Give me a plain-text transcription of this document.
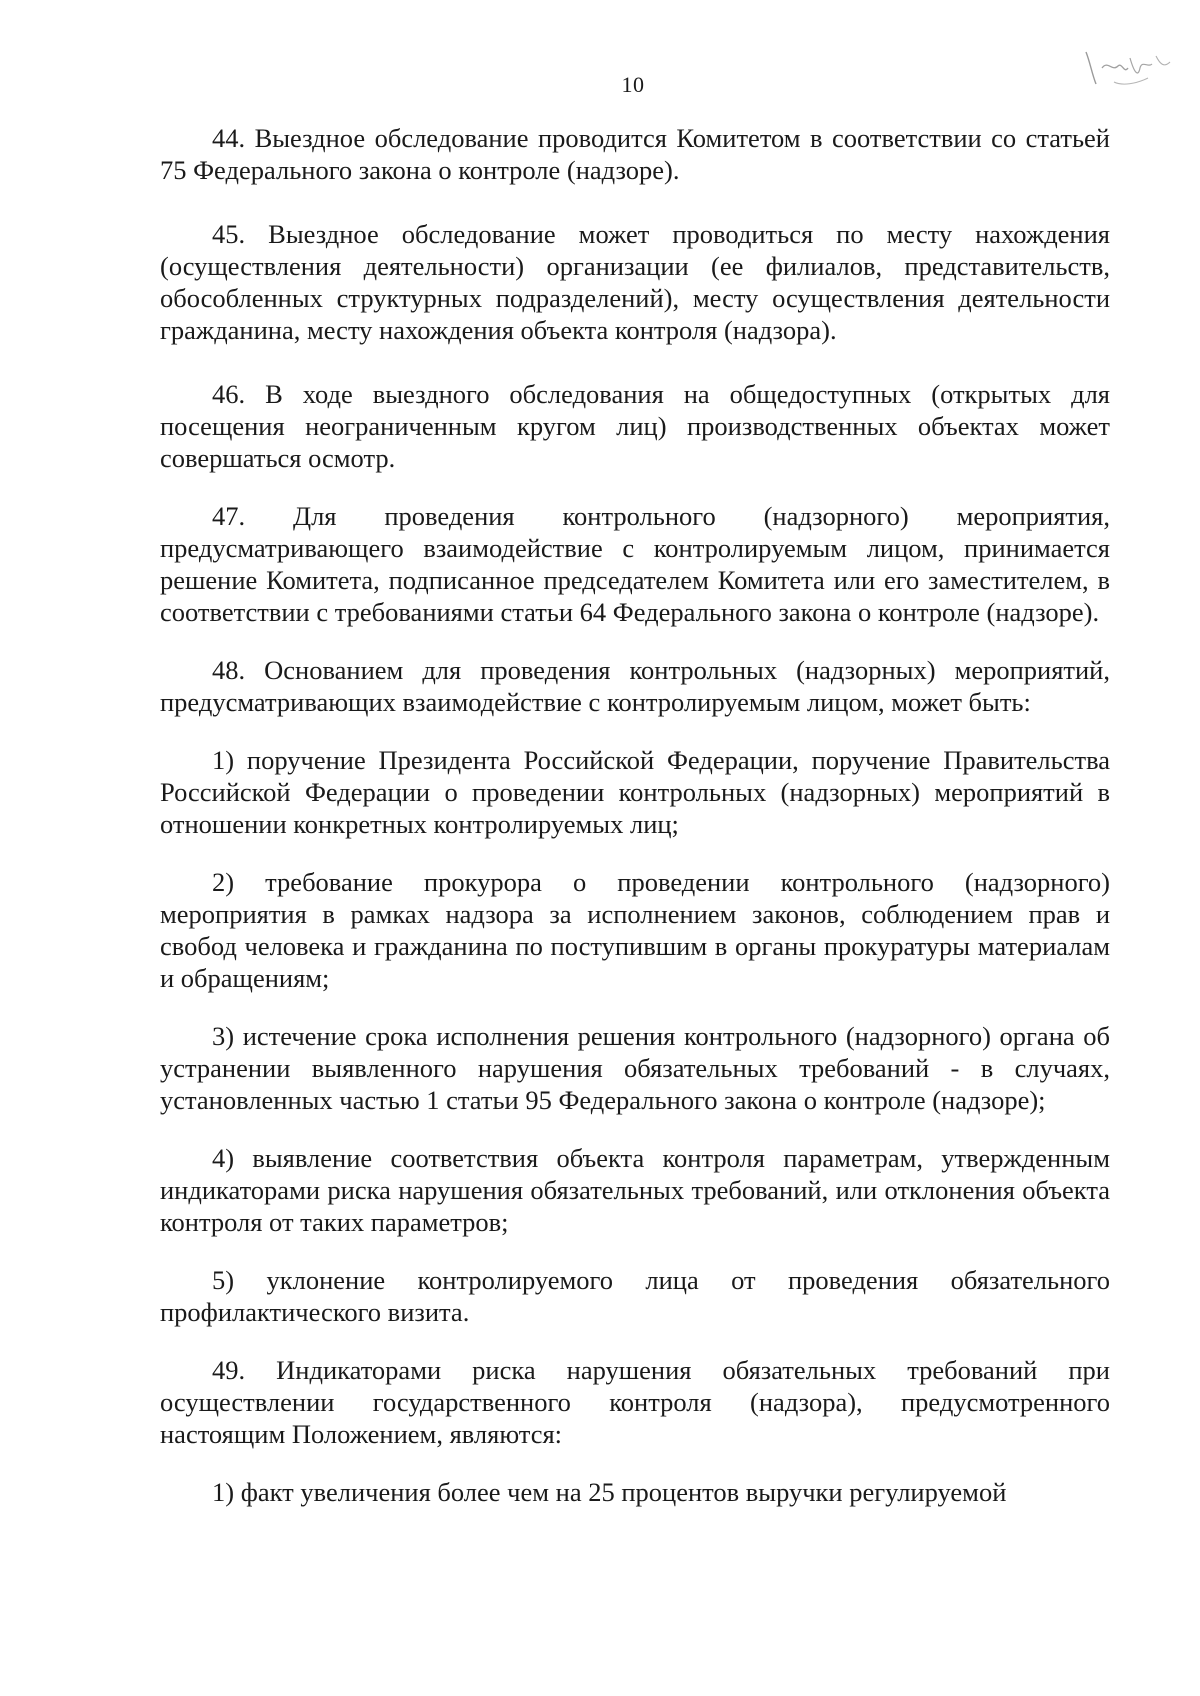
10

44. Выездное обследование проводится Комитетом в соответствии со статьей 75 Федерального закона о контроле (надзоре).

45. Выездное обследование может проводиться по месту нахождения (осуществления деятельности) организации (ее филиалов, представительств, обособленных структурных подразделений), месту осуществления деятельности гражданина, месту нахождения объекта контроля (надзора).

46. В ходе выездного обследования на общедоступных (открытых для посещения неограниченным кругом лиц) производственных объектах может совершаться осмотр.

47. Для проведения контрольного (надзорного) мероприятия, предусматривающего взаимодействие с контролируемым лицом, принимается решение Комитета, подписанное председателем Комитета или его заместителем, в соответствии с требованиями статьи 64 Федерального закона о контроле (надзоре).

48. Основанием для проведения контрольных (надзорных) мероприятий, предусматривающих взаимодействие с контролируемым лицом, может быть:

1) поручение Президента Российской Федерации, поручение Правительства Российской Федерации о проведении контрольных (надзорных) мероприятий в отношении конкретных контролируемых лиц;

2) требование прокурора о проведении контрольного (надзорного) мероприятия в рамках надзора за исполнением законов, соблюдением прав и свобод человека и гражданина по поступившим в органы прокуратуры материалам и обращениям;

3) истечение срока исполнения решения контрольного (надзорного) органа об устранении выявленного нарушения обязательных требований - в случаях, установленных частью 1 статьи 95 Федерального закона о контроле (надзоре);

4) выявление соответствия объекта контроля параметрам, утвержденным индикаторами риска нарушения обязательных требований, или отклонения объекта контроля от таких параметров;

5) уклонение контролируемого лица от проведения обязательного профилактического визита.

49. Индикаторами риска нарушения обязательных требований при осуществлении государственного контроля (надзора), предусмотренного настоящим Положением, являются:

1) факт увеличения более чем на 25 процентов выручки регулируемой
